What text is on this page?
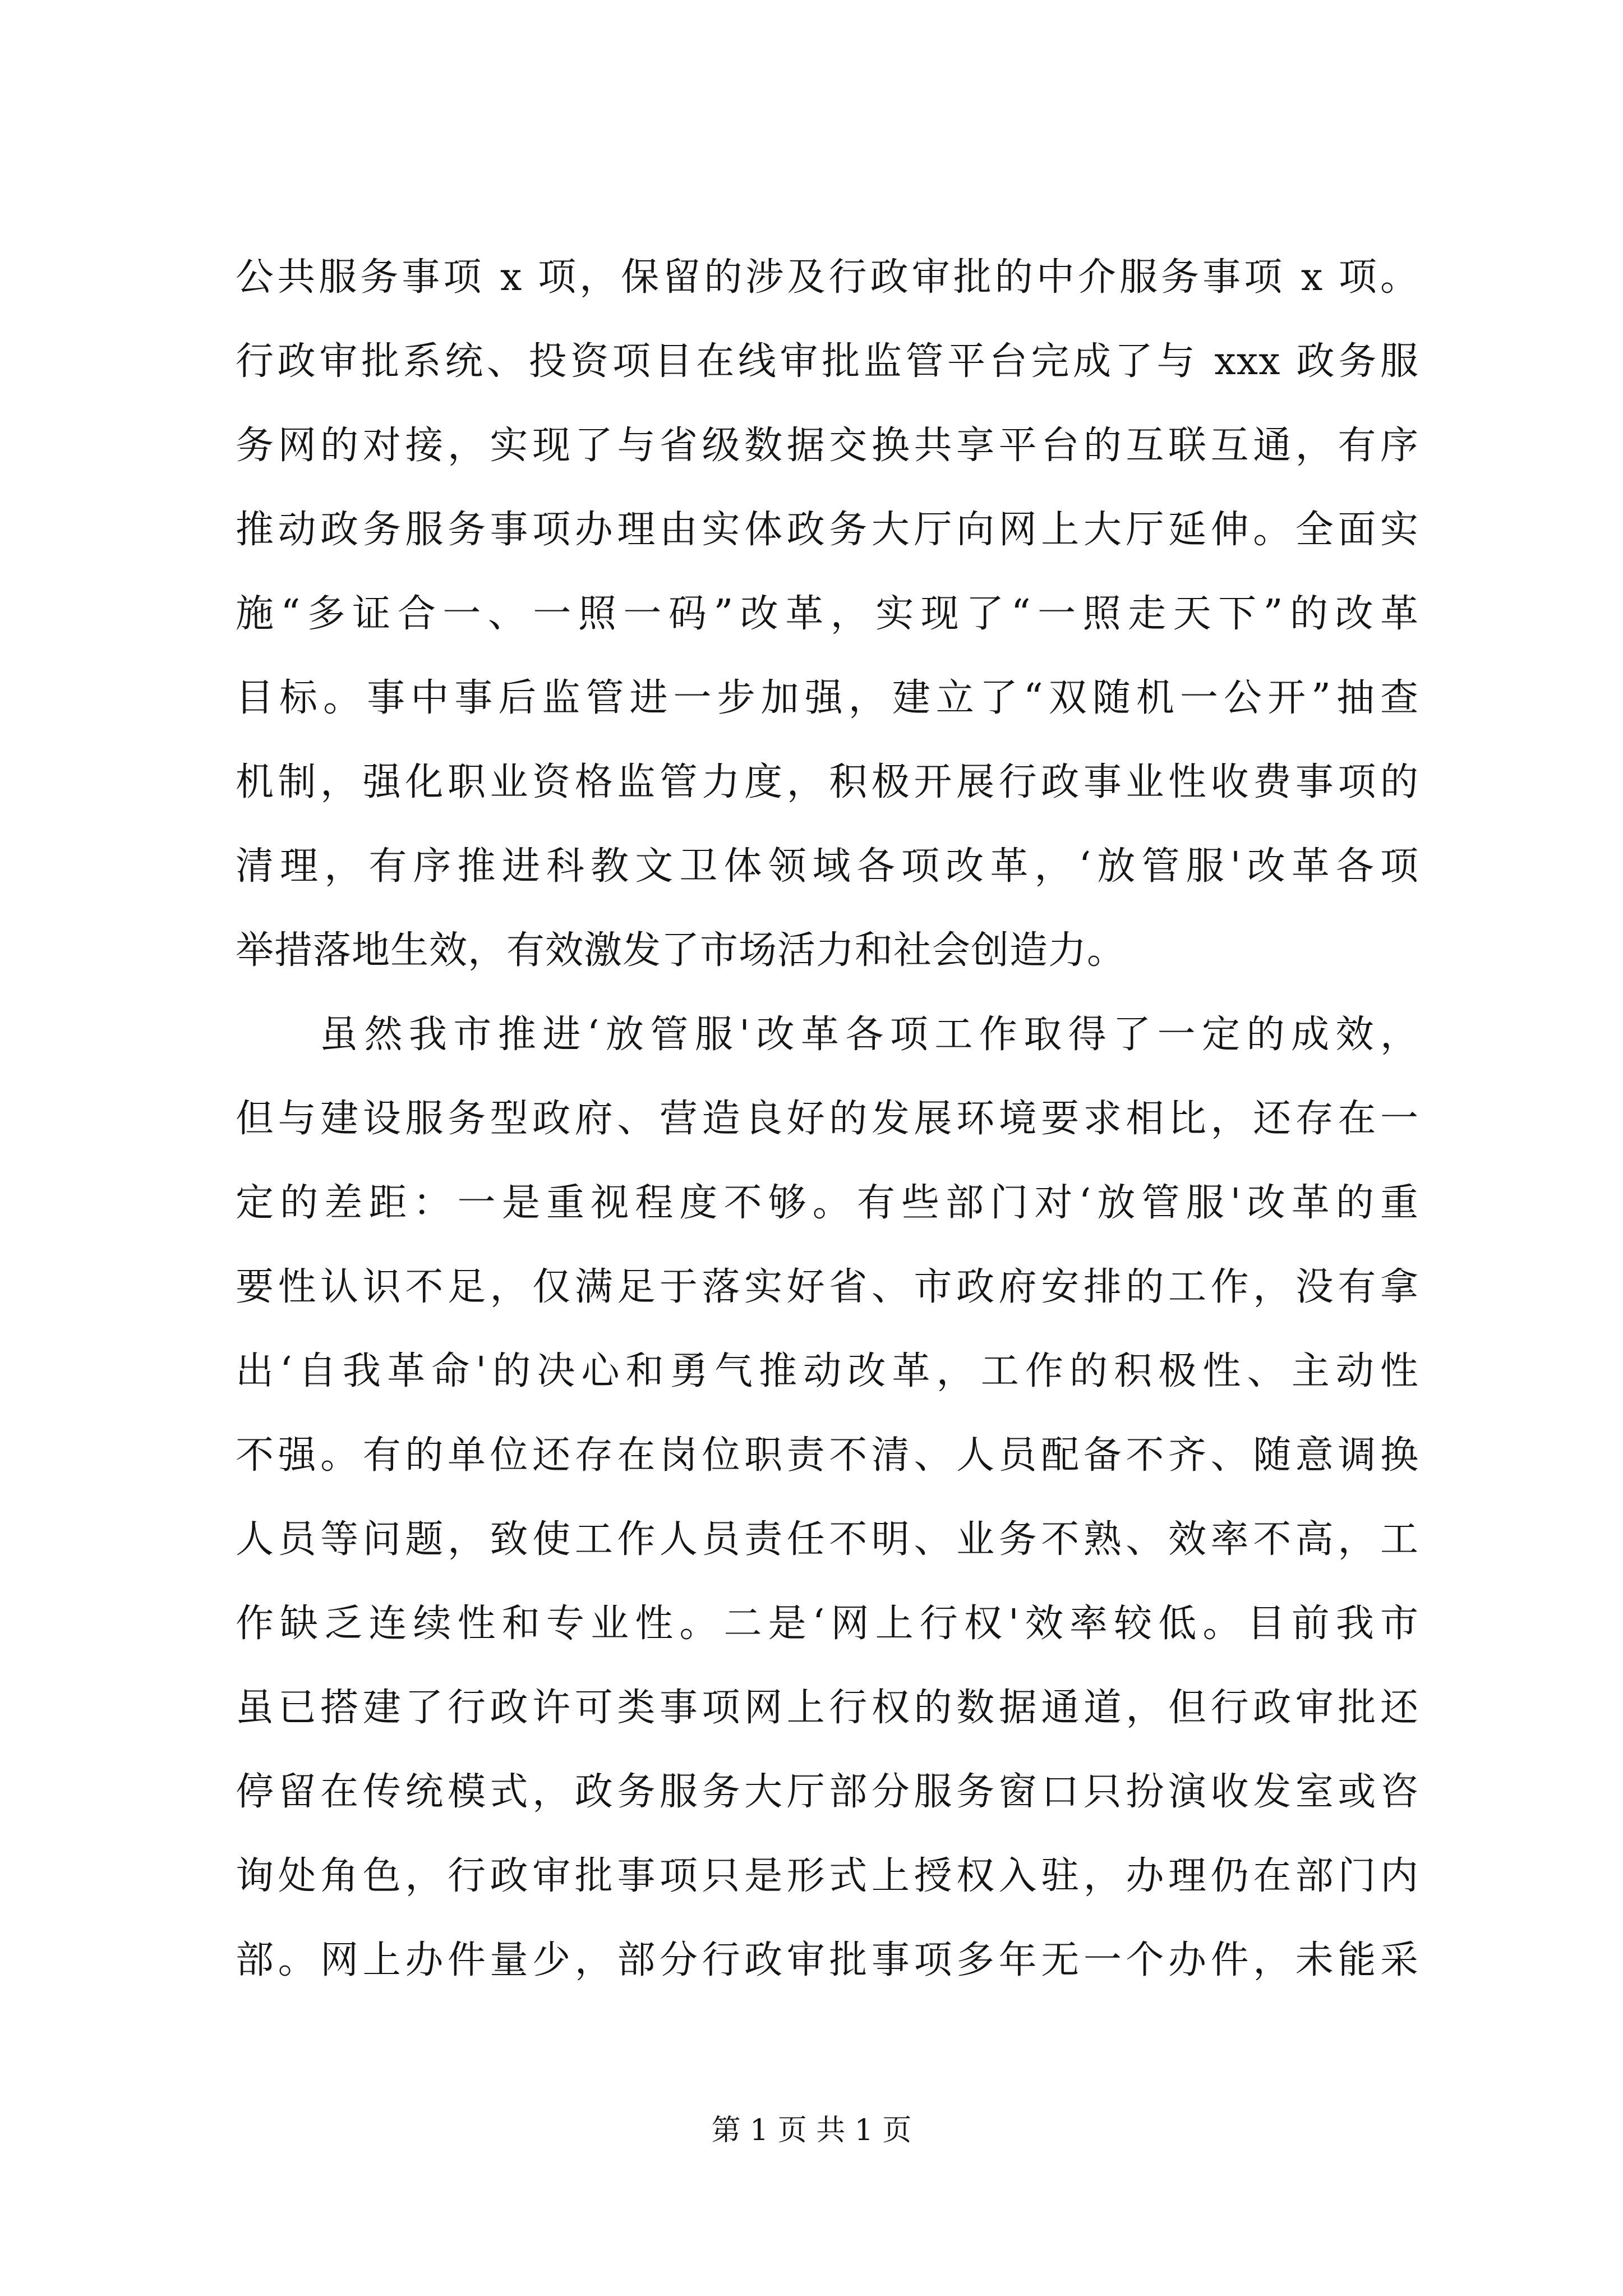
公共服务事项 x 项，保留的涉及行政审批的中介服务事项 x 项。
行政审批系统、投资项目在线审批监管平台完成了与 xxx 政务服
务网的对接，实现了与省级数据交换共享平台的互联互通，有序
推动政务服务事项办理由实体政务大厅向网上大厅延伸。全面实
施“多证合一、一照一码”改革，实现了“一照走天下”的改革
目标。事中事后监管进一步加强，建立了“双随机一公开”抽查
机制，强化职业资格监管力度，积极开展行政事业性收费事项的
清理，有序推进科教文卫体领域各项改革，‘放管服'改革各项
举措落地生效，有效激发了市场活力和社会创造力。
虽然我市推进‘放管服'改革各项工作取得了一定的成效，
但与建设服务型政府、营造良好的发展环境要求相比，还存在一
定的差距：一是重视程度不够。有些部门对‘放管服'改革的重
要性认识不足，仅满足于落实好省、市政府安排的工作，没有拿
出‘自我革命'的决心和勇气推动改革，工作的积极性、主动性
不强。有的单位还存在岗位职责不清、人员配备不齐、随意调换
人员等问题，致使工作人员责任不明、业务不熟、效率不高，工
作缺乏连续性和专业性。二是‘网上行权'效率较低。目前我市
虽已搭建了行政许可类事项网上行权的数据通道，但行政审批还
停留在传统模式，政务服务大厅部分服务窗口只扮演收发室或咨
询处角色，行政审批事项只是形式上授权入驻，办理仍在部门内
部。网上办件量少，部分行政审批事项多年无一个办件，未能采
第 1 页 共 1 页
